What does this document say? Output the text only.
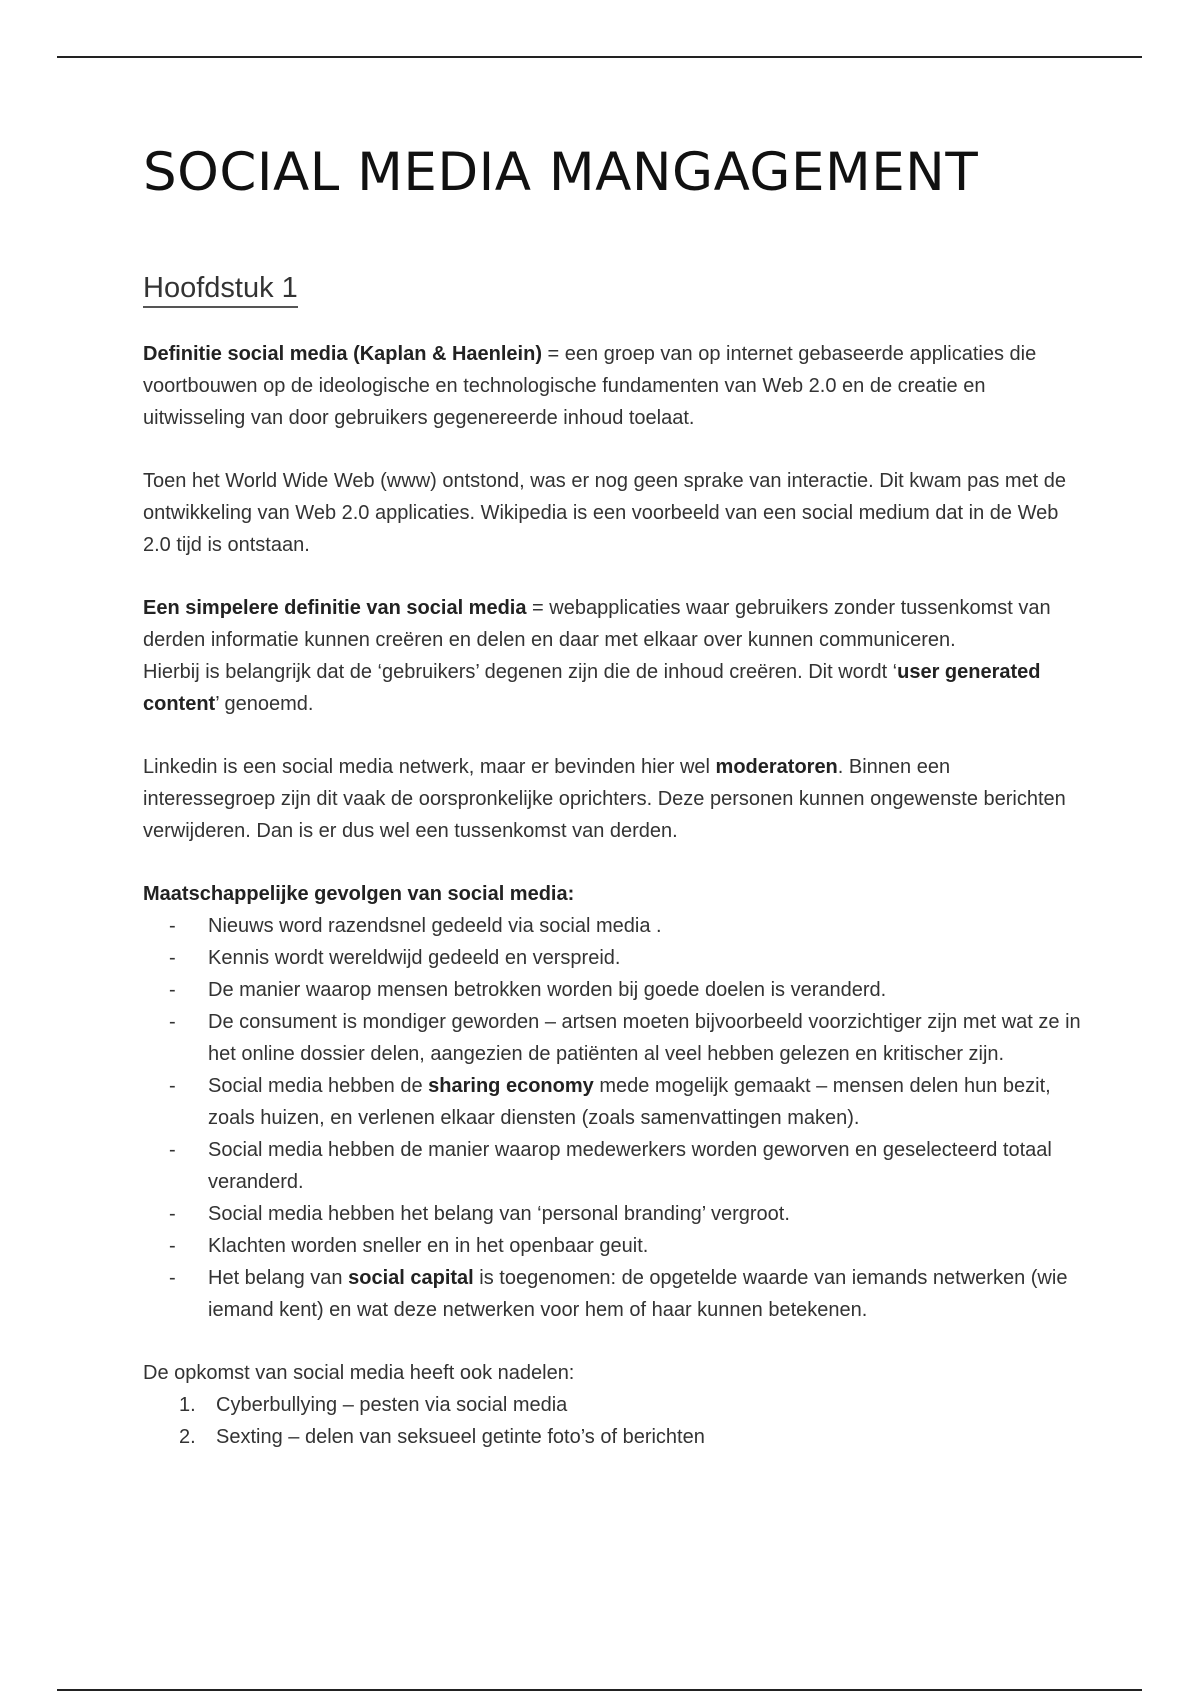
SOCIAL MEDIA MANGAGEMENT
Hoofdstuk 1

Definitie social media (Kaplan & Haenlein) = een groep van op internet gebaseerde applicaties die voortbouwen op de ideologische en technologische fundamenten van Web 2.0 en de creatie en uitwisseling van door gebruikers gegenereerde inhoud toelaat.

Toen het World Wide Web (www) ontstond, was er nog geen sprake van interactie. Dit kwam pas met de ontwikkeling van Web 2.0 applicaties. Wikipedia is een voorbeeld van een social medium dat in de Web 2.0 tijd is ontstaan.

Een simpelere definitie van social media = webapplicaties waar gebruikers zonder tussenkomst van derden informatie kunnen creëren en delen en daar met elkaar over kunnen communiceren.

Hierbij is belangrijk dat de ‘gebruikers’ degenen zijn die de inhoud creëren. Dit wordt ‘user generated content’ genoemd.

Linkedin is een social media netwerk, maar er bevinden hier wel moderatoren. Binnen een interessegroep zijn dit vaak de oorspronkelijke oprichters. Deze personen kunnen ongewenste berichten verwijderen. Dan is er dus wel een tussenkomst van derden.

Maatschappelijke gevolgen van social media:

- Nieuws word razendsnel gedeeld via social media .
- Kennis wordt wereldwijd gedeeld en verspreid.
- De manier waarop mensen betrokken worden bij goede doelen is veranderd.
- De consument is mondiger geworden – artsen moeten bijvoorbeeld voorzichtiger zijn met wat ze in het online dossier delen, aangezien de patiënten al veel hebben gelezen en kritischer zijn.
- Social media hebben de sharing economy mede mogelijk gemaakt – mensen delen hun bezit, zoals huizen, en verlenen elkaar diensten (zoals samenvattingen maken).
- Social media hebben de manier waarop medewerkers worden geworven en geselecteerd totaal veranderd.
- Social media hebben het belang van ‘personal branding’ vergroot.
- Klachten worden sneller en in het openbaar geuit.
- Het belang van social capital is toegenomen: de opgetelde waarde van iemands netwerken (wie iemand kent) en wat deze netwerken voor hem of haar kunnen betekenen.

De opkomst van social media heeft ook nadelen:

1. Cyberbullying – pesten via social media
2. Sexting – delen van seksueel getinte foto’s of berichten
